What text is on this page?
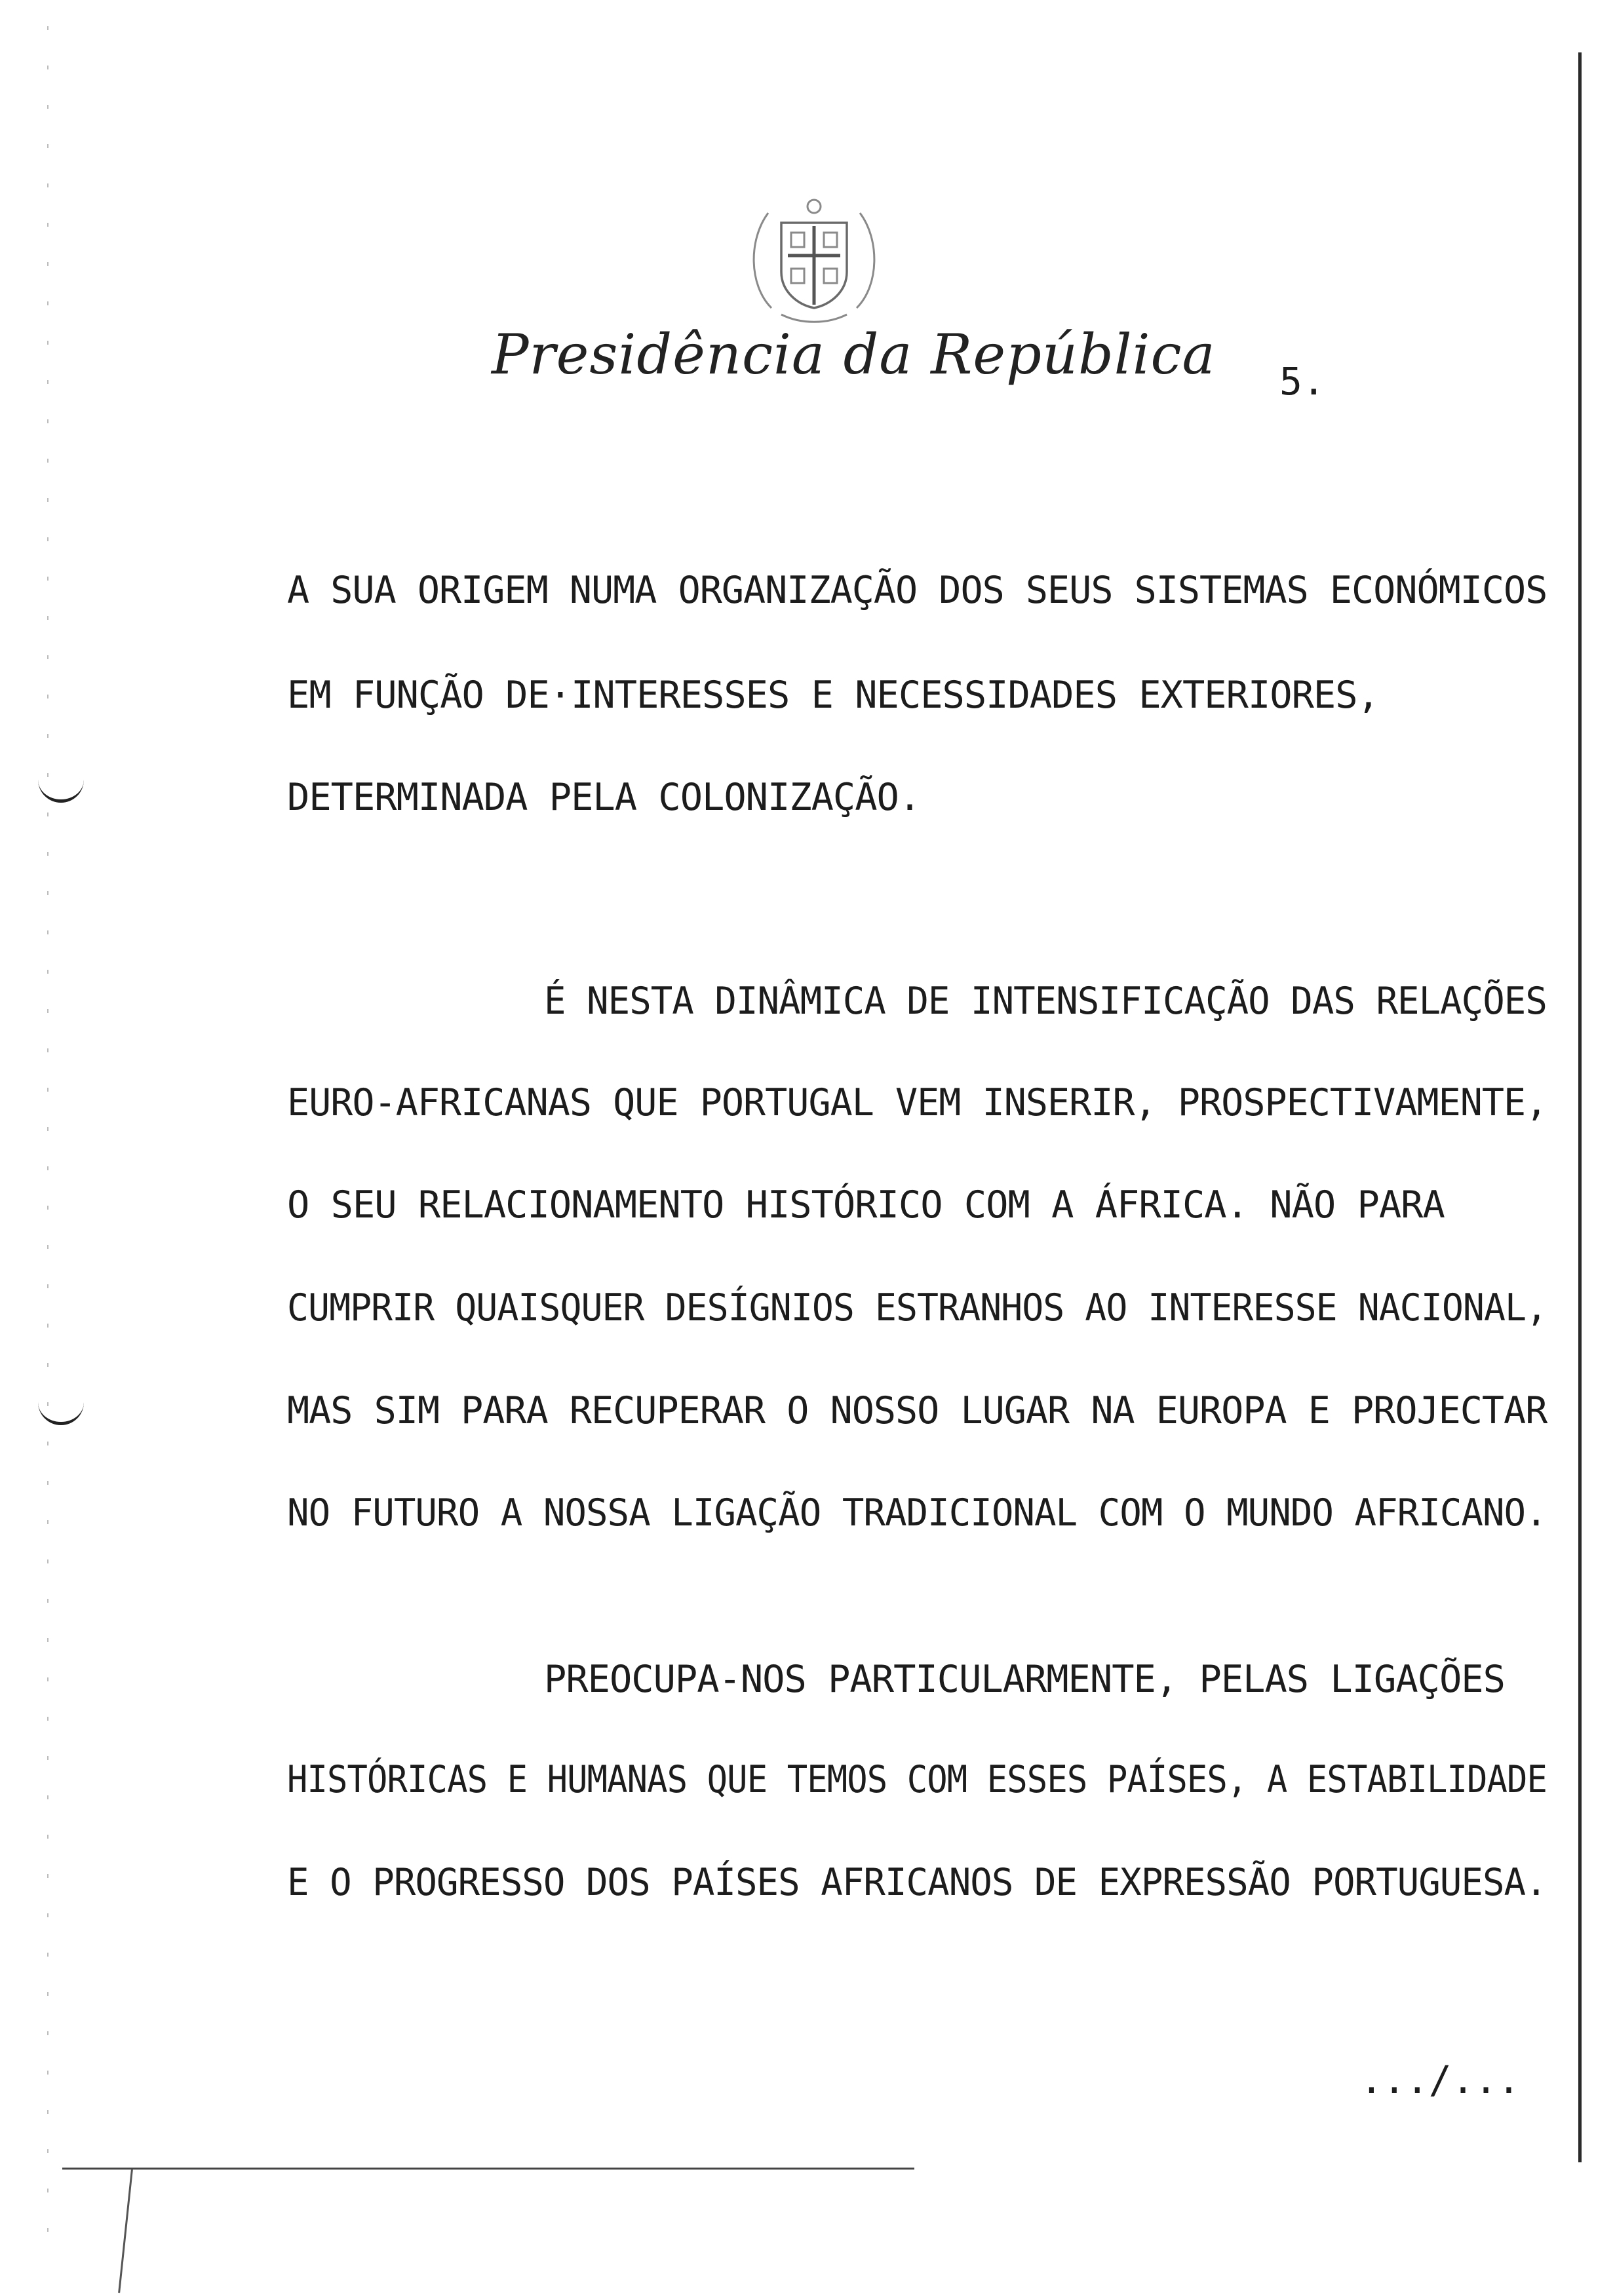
Presidência da República 5.
A SUA ORIGEM NUMA ORGANIZAÇÃO DOS SEUS SISTEMAS ECONÓMICOS
EM FUNÇÃO DE·INTERESSES E NECESSIDADES EXTERIORES,
DETERMINADA PELA COLONIZAÇÃO.
É NESTA DINÂMICA DE INTENSIFICAÇÃO DAS RELAÇÕES
EURO-AFRICANAS QUE PORTUGAL VEM INSERIR, PROSPECTIVAMENTE,
O SEU RELACIONAMENTO HISTÓRICO COM A ÁFRICA. NÃO PARA
CUMPRIR QUAISQUER DESÍGNIOS ESTRANHOS AO INTERESSE NACIONAL,
MAS SIM PARA RECUPERAR O NOSSO LUGAR NA EUROPA E PROJECTAR
NO FUTURO A NOSSA LIGAÇÃO TRADICIONAL COM O MUNDO AFRICANO.
PREOCUPA-NOS PARTICULARMENTE, PELAS LIGAÇÕES
HISTÓRICAS E HUMANAS QUE TEMOS COM ESSES PAÍSES, A ESTABILIDADE
E O PROGRESSO DOS PAÍSES AFRICANOS DE EXPRESSÃO PORTUGUESA.
.../...
